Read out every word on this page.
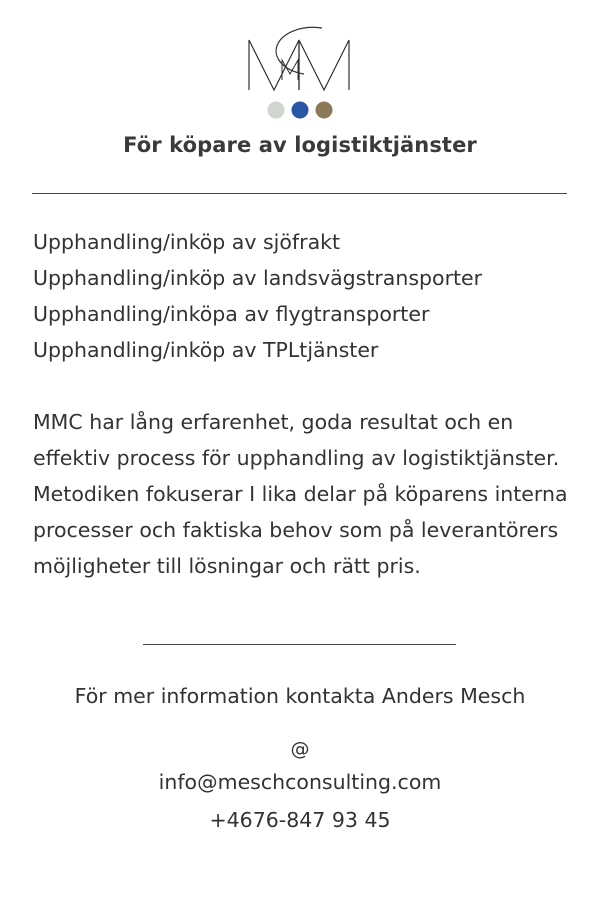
För köpare av logistiktjänster
Upphandling/inköp av sjöfrakt
Upphandling/inköp av landsvägstransporter
Upphandling/inköpa av flygtransporter
Upphandling/inköp av TPLtjänster

MMC har lång erfarenhet, goda resultat och en effektiv process för upphandling av logistiktjänster. Metodiken fokuserar I lika delar på köparens interna processer och faktiska behov som på leverantörers möjligheter till lösningar och rätt pris.

För mer information kontakta Anders Mesch
@
info@meschconsulting.com
+4676-847 93 45
